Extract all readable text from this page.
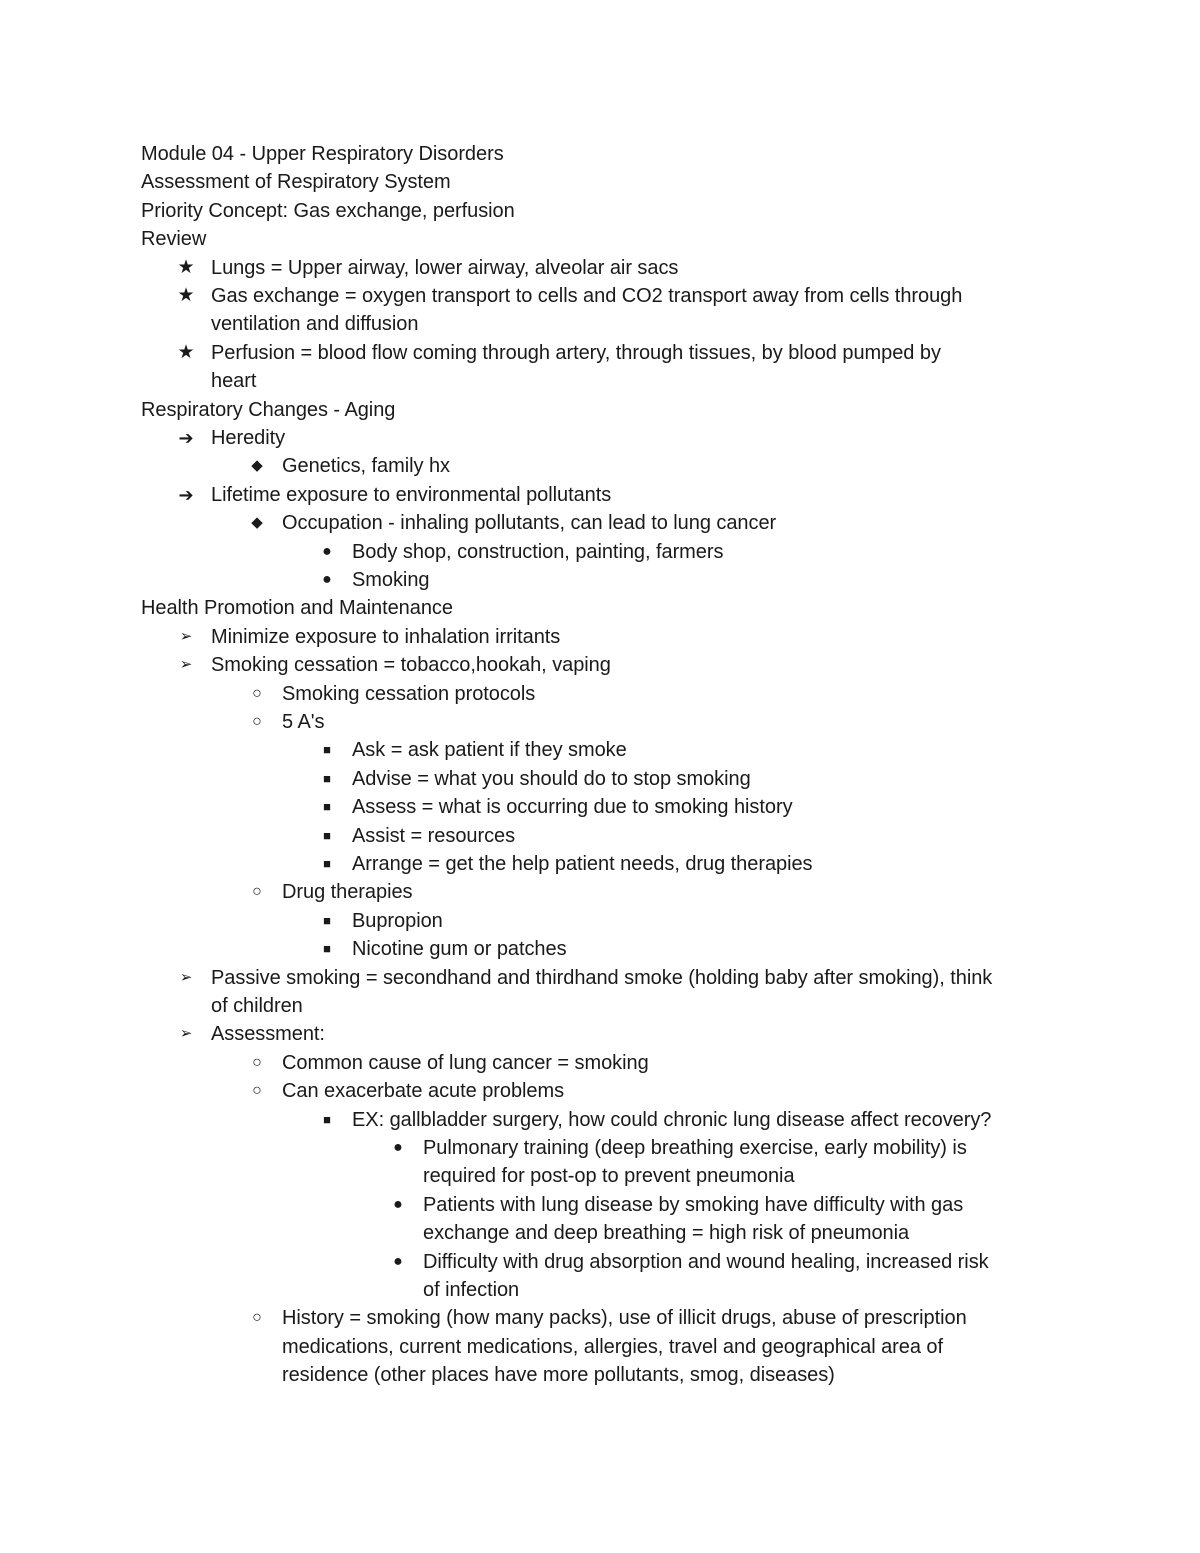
Module 04 - Upper Respiratory Disorders
Assessment of Respiratory System
Priority Concept: Gas exchange, perfusion
Review
★ Lungs = Upper airway, lower airway, alveolar air sacs
★ Gas exchange = oxygen transport to cells and CO2 transport away from cells through
ventilation and diffusion
★ Perfusion = blood flow coming through artery, through tissues, by blood pumped by
heart
Respiratory Changes - Aging
➔ Heredity
◆ Genetics, family hx
➔ Lifetime exposure to environmental pollutants
◆ Occupation - inhaling pollutants, can lead to lung cancer
●	Body shop, construction, painting, farmers
●	Smoking
Health Promotion and Maintenance
➢ Minimize exposure to inhalation irritants
➢ Smoking cessation = tobacco,hookah, vaping
○	Smoking cessation protocols
○	5 A's
■	Ask = ask patient if they smoke
■	Advise = what you should do to stop smoking
■	Assess = what is occurring due to smoking history
■	Assist = resources
■	Arrange = get the help patient needs, drug therapies
○	Drug therapies
■	Bupropion
■	Nicotine gum or patches
➢ Passive smoking = secondhand and thirdhand smoke (holding baby after smoking), think
of children
➢ Assessment:
○	Common cause of lung cancer = smoking
○	Can exacerbate acute problems
■	EX: gallbladder surgery, how could chronic lung disease affect recovery?
●	Pulmonary training (deep breathing exercise, early mobility) is
required for post-op to prevent pneumonia
●	Patients with lung disease by smoking have difficulty with gas
exchange and deep breathing = high risk of pneumonia
●	Difficulty with drug absorption and wound healing, increased risk
of infection
○	History = smoking (how many packs), use of illicit drugs, abuse of prescription
medications, current medications, allergies, travel and geographical area of
residence (other places have more pollutants, smog, diseases)
